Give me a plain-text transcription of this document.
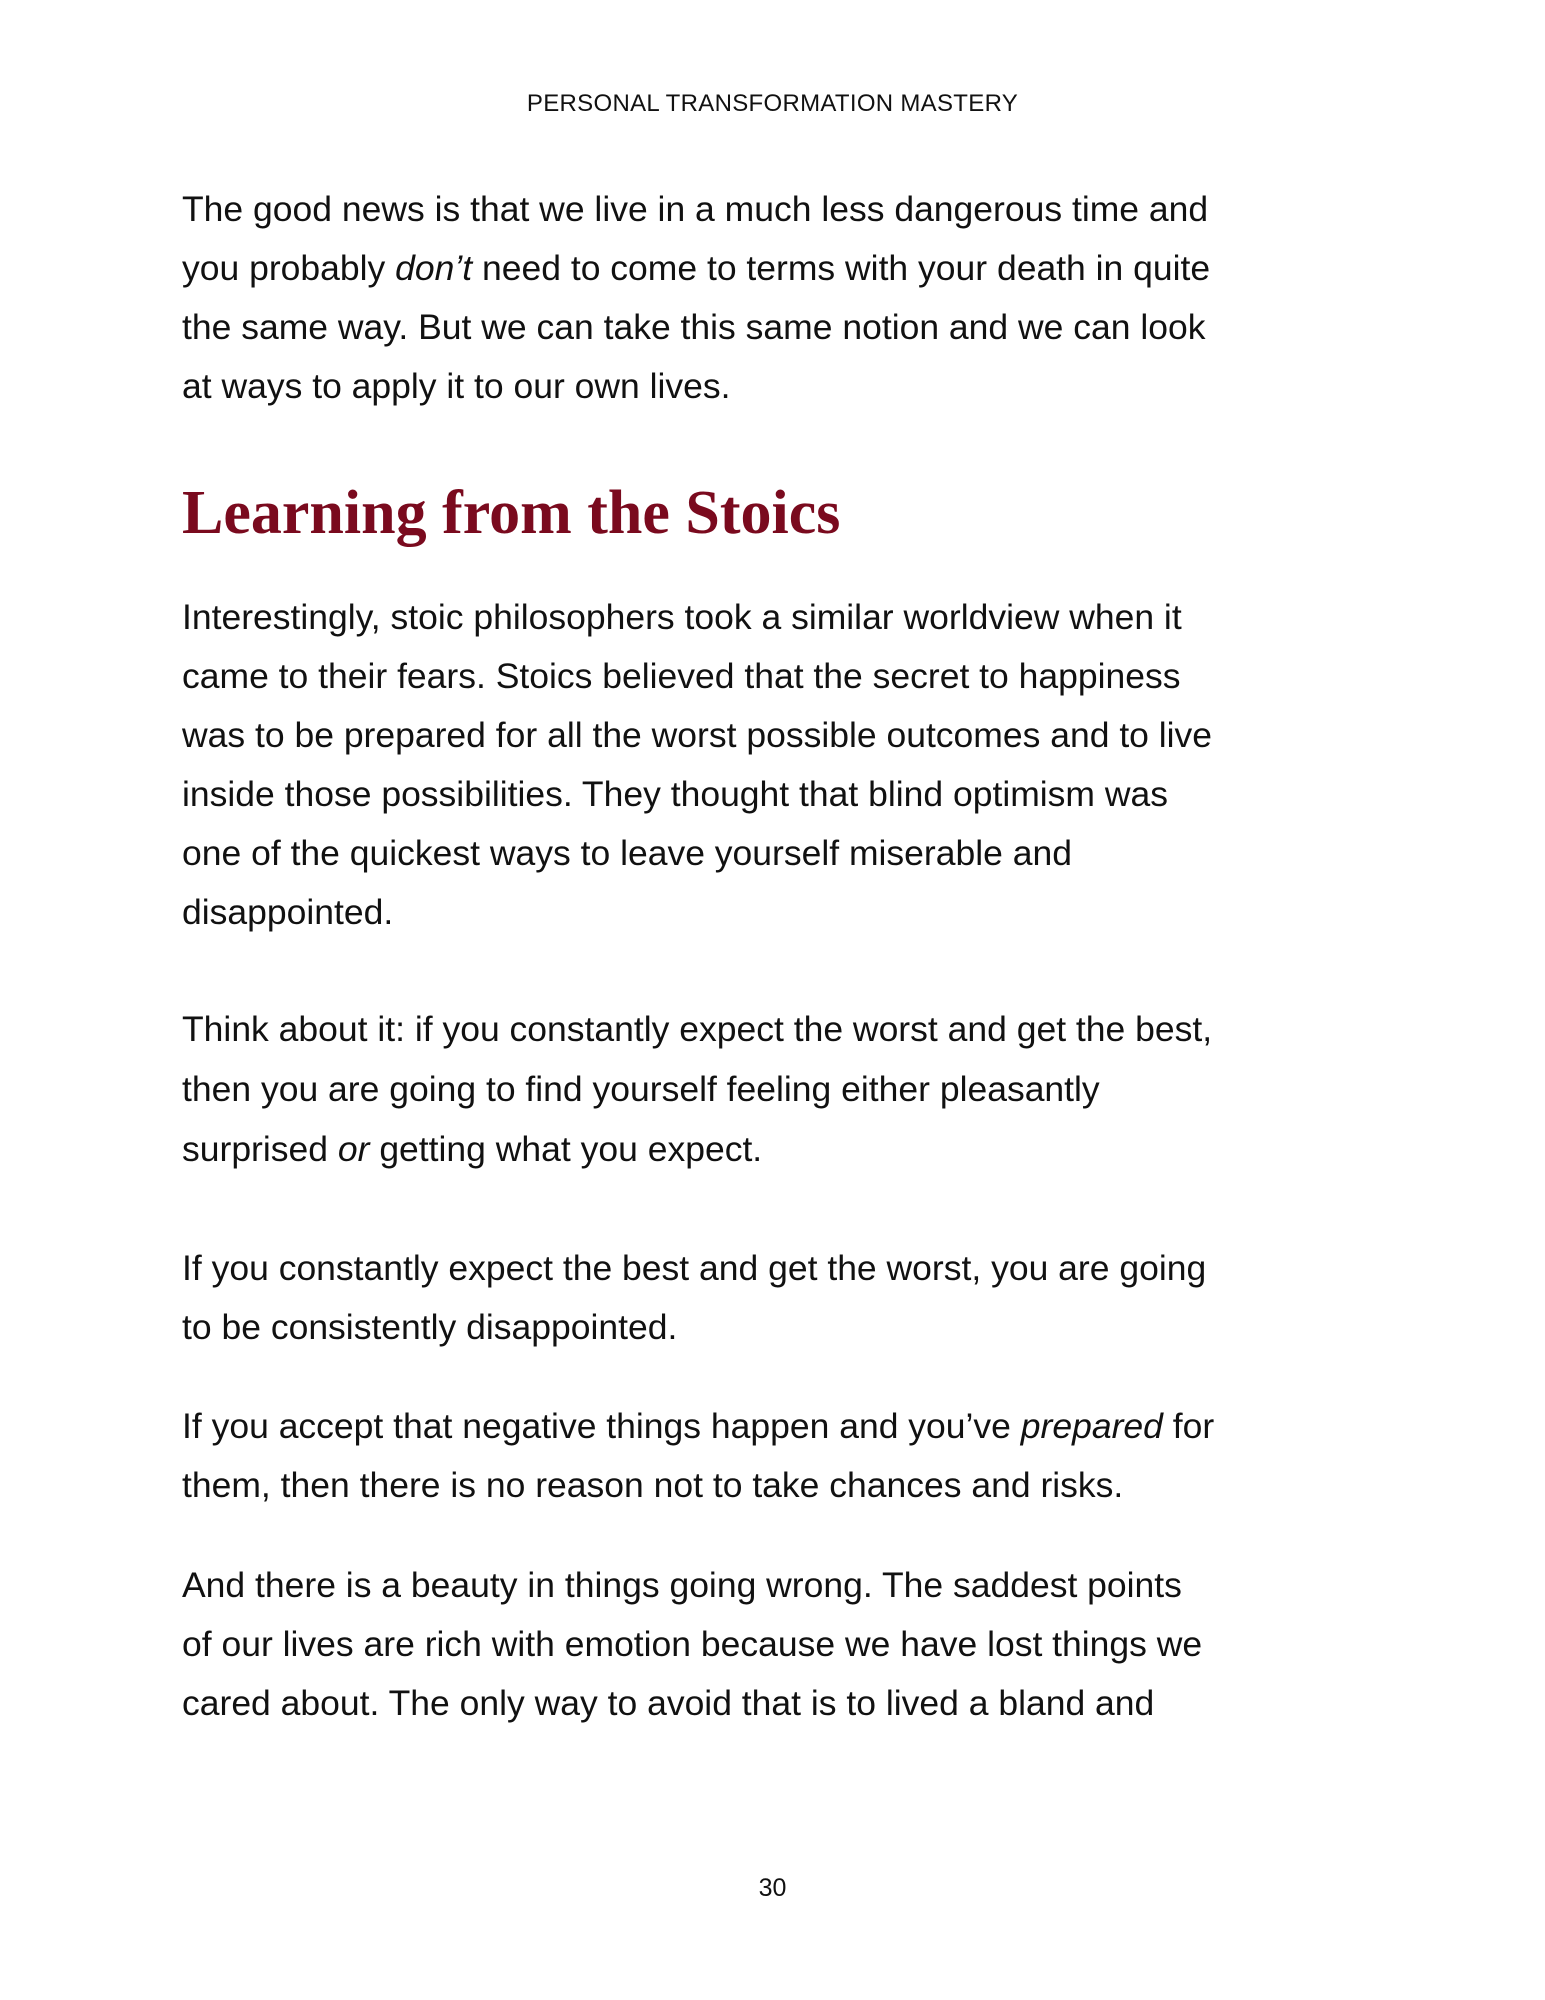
PERSONAL TRANSFORMATION MASTERY
The good news is that we live in a much less dangerous time and
you probably don’t need to come to terms with your death in quite
the same way. But we can take this same notion and we can look
at ways to apply it to our own lives.
Learning from the Stoics
Interestingly, stoic philosophers took a similar worldview when it
came to their fears. Stoics believed that the secret to happiness
was to be prepared for all the worst possible outcomes and to live
inside those possibilities. They thought that blind optimism was
one of the quickest ways to leave yourself miserable and
disappointed.
Think about it: if you constantly expect the worst and get the best,
then you are going to find yourself feeling either pleasantly
surprised or getting what you expect.
If you constantly expect the best and get the worst, you are going
to be consistently disappointed.
If you accept that negative things happen and you’ve prepared for
them, then there is no reason not to take chances and risks.
And there is a beauty in things going wrong. The saddest points
of our lives are rich with emotion because we have lost things we
cared about. The only way to avoid that is to lived a bland and
30
